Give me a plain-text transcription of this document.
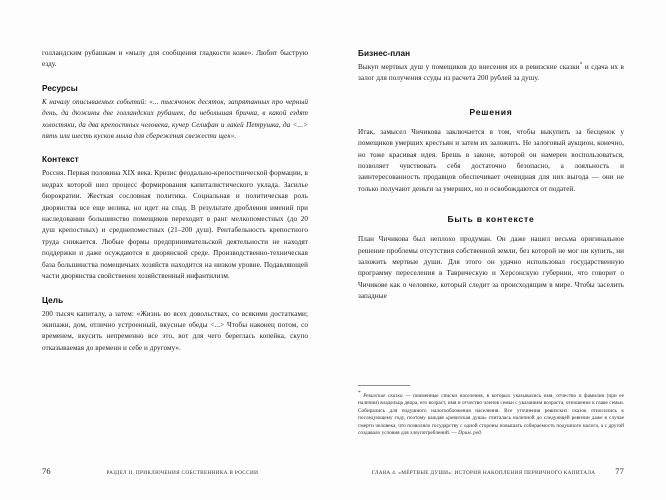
голландским рубашкам и «мылу для сообщения гладкости коже». Любит быструю езду.

Ресурсы

К началу описываемых событий: «... тысячонок десяток, запрятанных про черный день, да дюжины две голландских рубашек, да небольшая бричка, в какой ездят холостяки, да два крепостных человека, кучер Селифан и лакей Петрушка, да <...> пять или шесть кусков мыла для сбережения свежести щек».

Контекст

Россия. Первая половина XIX века. Кризис феодально-крепостнической формации, в недрах которой шел процесс формирования капиталистического уклада. Засилье бюрократии. Жесткая сословная политика. Социальная и политическая роль дворянства все еще велика, но идет на спад. В результате дробления имений при наследовании большинство помещиков переходит в ранг мелкопоместных (до 20 душ крепостных) и среднепоместных (21–200 душ). Рентабельность крепостного труда снижается. Любые формы предпринимательской деятельности не находят поддержки и даже осуждаются в дворянской среде. Производственно-техническая база большинства помещичьих хозяйств находится на низком уровне. Подавляющей части дворянства свойственен хозяйственный инфантилизм.

Цель

200 тысяч капиталу, а затем: «Жизнь во всех довольствах, со всякими достатками; экипажи, дом, отлично устроенный, вкусные обеды <...> Чтобы наконец потом, со временем, вкусить непременно все это, вот для чего береглась копейка, скупо отказываемая до времени и себе и другому».

76	РАЗДЕЛ II. ПРИКЛЮЧЕНИЯ СОБСТВЕННИКА В РОССИИ
Бизнес-план

Выкуп мертвых душ у помещиков до внесения их в ревизские сказки* и сдача их в залог для получения ссуды из расчета 200 рублей за душу.

Решения

Итак, замысел Чичикова заключается в том, чтобы выкупить за бесценок у помещиков умерших крестьян и затем их заложить. Не залоговый аукцион, конечно, но тоже красивая идея. Брешь в законе, которой он намерен воспользоваться, позволяет чувствовать себя достаточно безопасно, а лояльность и заинтересованность продавцов обеспечивает очевидная для них выгода — они не только получают деньги за умерших, но и освобождаются от податей.

Быть в контексте

План Чичикова был неплохо продуман. Он даже нашел весьма оригинальное решение проблемы отсутствия собственной земли, без которой не мог ни купить, ни заложить мертвые души. Для этого он удачно использовал государственную программу переселения в Таврическую и Херсонскую губернии, что говорит о Чичикове как о человеке, который следит за происходящим в мире. Чтобы заселить западные

* Ревизские сказки — поименные списки населения, в которых указывались имя, отчество и фамилия (при ее наличии) владельца двора, его возраст, имя и отчество членов семьи с указанием возраста, отношение к главе семьи. Собирались для подушного налогообложения населения. Все уточнения ревизских сказок относились к последующему году, поэтому каждая «ревизская душа» считалась наличной до следующей ревизии даже в случае смерти человека, что позволяло государству с одной стороны повышать собираемость подушного налога, а с другой создавало условия для злоупотреблений. — Прим. ред.

ГЛАВА 4. «МЁРТВЫЕ ДУШИ»: ИСТОРИЯ НАКОПЛЕНИЯ ПЕРВИЧНОГО КАПИТАЛА	77
